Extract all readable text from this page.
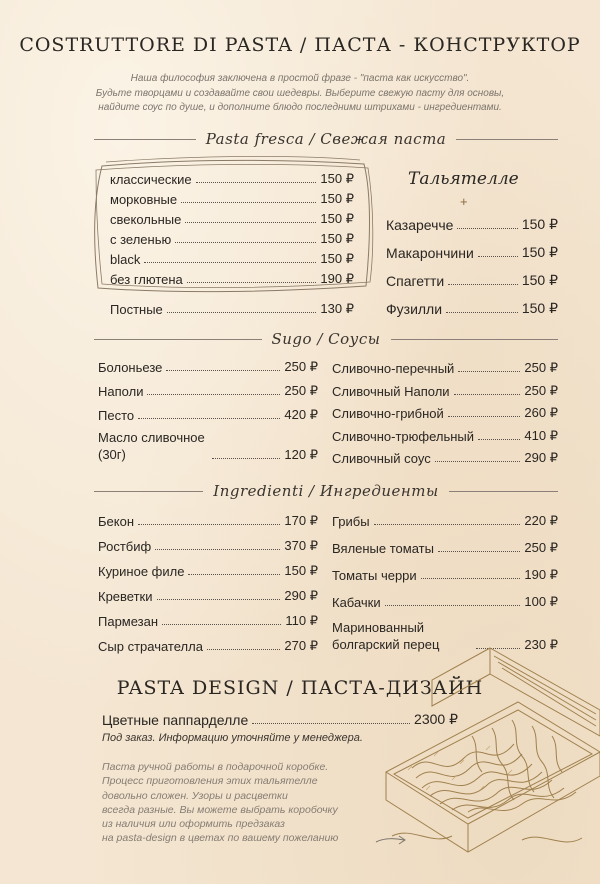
COSTRUTTORE DI PASTA / ПАСТА - КОНСТРУКТОР
Наша философия заключена в простой фразе - "паста как искусство".
Будьте творцами и создавайте свои шедевры. Выберите свежую пасту для основы,
найдите соус по душе, и дополните блюдо последними штрихами - ингредиентами.
Pasta fresca / Свежая паста
классические	150 ₽
морковные	150 ₽
свекольные	150 ₽
с зеленью	150 ₽
black	150 ₽
без глютена	190 ₽
Постные	130 ₽
Тальятелле
+
Казаречче	150 ₽
Макарончини	150 ₽
Спагетти	150 ₽
Фузилли	150 ₽
Sugo / Соусы
Болоньезе	250 ₽
Наполи	250 ₽
Песто	420 ₽
Масло сливочное (30г)	120 ₽
Сливочно-перечный	250 ₽
Сливочный Наполи	250 ₽
Сливочно-грибной	260 ₽
Сливочно-трюфельный	410 ₽
Сливочный соус	290 ₽
Ingredienti / Ингредиенты
Бекон	170 ₽
Ростбиф	370 ₽
Куриное филе	150 ₽
Креветки	290 ₽
Пармезан	110 ₽
Сыр страчателла	270 ₽
Грибы	220 ₽
Вяленые томаты	250 ₽
Томаты черри	190 ₽
Кабачки	100 ₽
Маринованный болгарский перец	230 ₽
PASTA DESIGN / ПАСТА-ДИЗАЙН
Цветные паппарделле	2300 ₽
Под заказ. Информацию уточняйте у менеджера.
Паста ручной работы в подарочной коробке.
Процесс приготовления этих тальятелле
довольно сложен. Узоры и расцветки
всегда разные. Вы можете выбрать коробочку
из наличия или оформить предзаказ
на pasta-design в цветах по вашему пожеланию
